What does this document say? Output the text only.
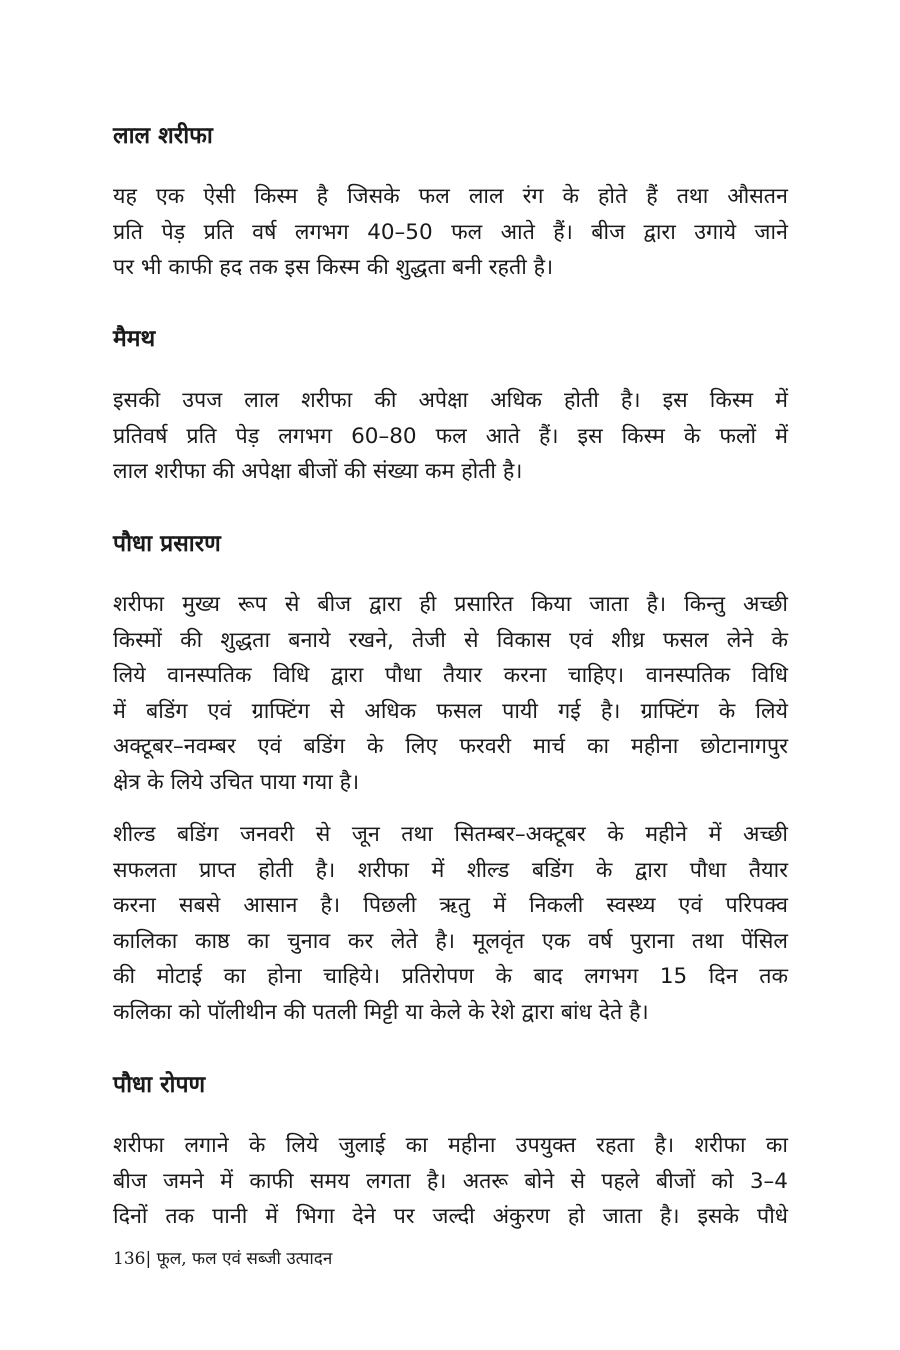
लाल शरीफा
यह एक ऐसी किस्म है जिसके फल लाल रंग के होते हैं तथा औसतन
प्रति पेड़ प्रति वर्ष लगभग 40–50 फल आते हैं। बीज द्वारा उगाये जाने
पर भी काफी हद तक इस किस्म की शुद्धता बनी रहती है।
मैमथ
इसकी उपज लाल शरीफा की अपेक्षा अधिक होती है। इस किस्म में
प्रतिवर्ष प्रति पेड़ लगभग 60–80 फल आते हैं। इस किस्म के फलों में
लाल शरीफा की अपेक्षा बीजों की संख्या कम होती है।
पौधा प्रसारण
शरीफा मुख्य रूप से बीज द्वारा ही प्रसारित किया जाता है। किन्तु अच्छी
किस्मों की शुद्धता बनाये रखने, तेजी से विकास एवं शीध्र फसल लेने के
लिये वानस्पतिक विधि द्वारा पौधा तैयार करना चाहिए। वानस्पतिक विधि
में बडिंग एवं ग्राफ्टिंग से अधिक फसल पायी गई है। ग्राफ्टिंग के लिये
अक्टूबर–नवम्बर एवं बडिंग के लिए फरवरी मार्च का महीना छोटानागपुर
क्षेत्र के लिये उचित पाया गया है।
शील्ड बडिंग जनवरी से जून तथा सितम्बर–अक्टूबर के महीने में अच्छी
सफलता प्राप्त होती है। शरीफा में शील्ड बडिंग के द्वारा पौधा तैयार
करना सबसे आसान है। पिछली ऋतु में निकली स्वस्थ्य एवं परिपक्व
कालिका काष्ठ का चुनाव कर लेते है। मूलवृंत एक वर्ष पुराना तथा पेंसिल
की मोटाई का होना चाहिये। प्रतिरोपण के बाद लगभग 15 दिन तक
कलिका को पॉलीथीन की पतली मिट्टी या केले के रेशे द्वारा बांध देते है।
पौधा रोपण
शरीफा लगाने के लिये जुलाई का महीना उपयुक्त रहता है। शरीफा का
बीज जमने में काफी समय लगता है। अतरू बोने से पहले बीजों को 3–4
दिनों तक पानी में भिगा देने पर जल्दी अंकुरण हो जाता है। इसके पौधे
136| फूल, फल एवं सब्जी उत्पादन
